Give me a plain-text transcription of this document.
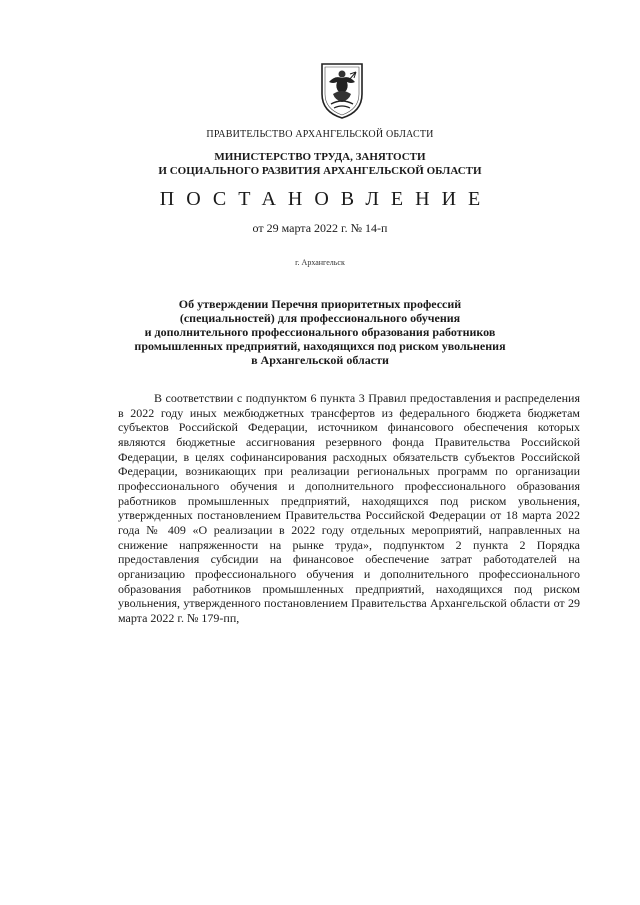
ПРАВИТЕЛЬСТВО АРХАНГЕЛЬСКОЙ ОБЛАСТИ
МИНИСТЕРСТВО ТРУДА, ЗАНЯТОСТИ
И СОЦИАЛЬНОГО РАЗВИТИЯ АРХАНГЕЛЬСКОЙ ОБЛАСТИ
ПОСТАНОВЛЕНИЕ
от 29 марта 2022 г. № 14-п
г. Архангельск
Об утверждении Перечня приоритетных профессий
(специальностей) для профессионального обучения
и дополнительного профессионального образования работников
промышленных предприятий, находящихся под риском увольнения
в Архангельской области

В соответствии с подпунктом 6 пункта 3 Правил предоставления и распределения в 2022 году иных межбюджетных трансфертов из федерального бюджета бюджетам субъектов Российской Федерации, источником финансового обеспечения которых являются бюджетные ассигнования резервного фонда Правительства Российской Федерации, в целях софинансирования расходных обязательств субъектов Российской Федерации, возникающих при реализации региональных программ по организации профессионального обучения и дополнительного профессионального образования работников промышленных предприятий, находящихся под риском увольнения, утвержденных постановлением Правительства Российской Федерации от 18 марта 2022 года № 409 «О реализации в 2022 году отдельных мероприятий, направленных на снижение напряженности на рынке труда», подпунктом 2 пункта 2 Порядка предоставления субсидии на финансовое обеспечение затрат работодателей на организацию профессионального обучения и дополнительного профессионального образования работников промышленных предприятий, находящихся под риском увольнения, утвержденного постановлением Правительства Архангельской области от 29 марта 2022 г. № 179-пп,
